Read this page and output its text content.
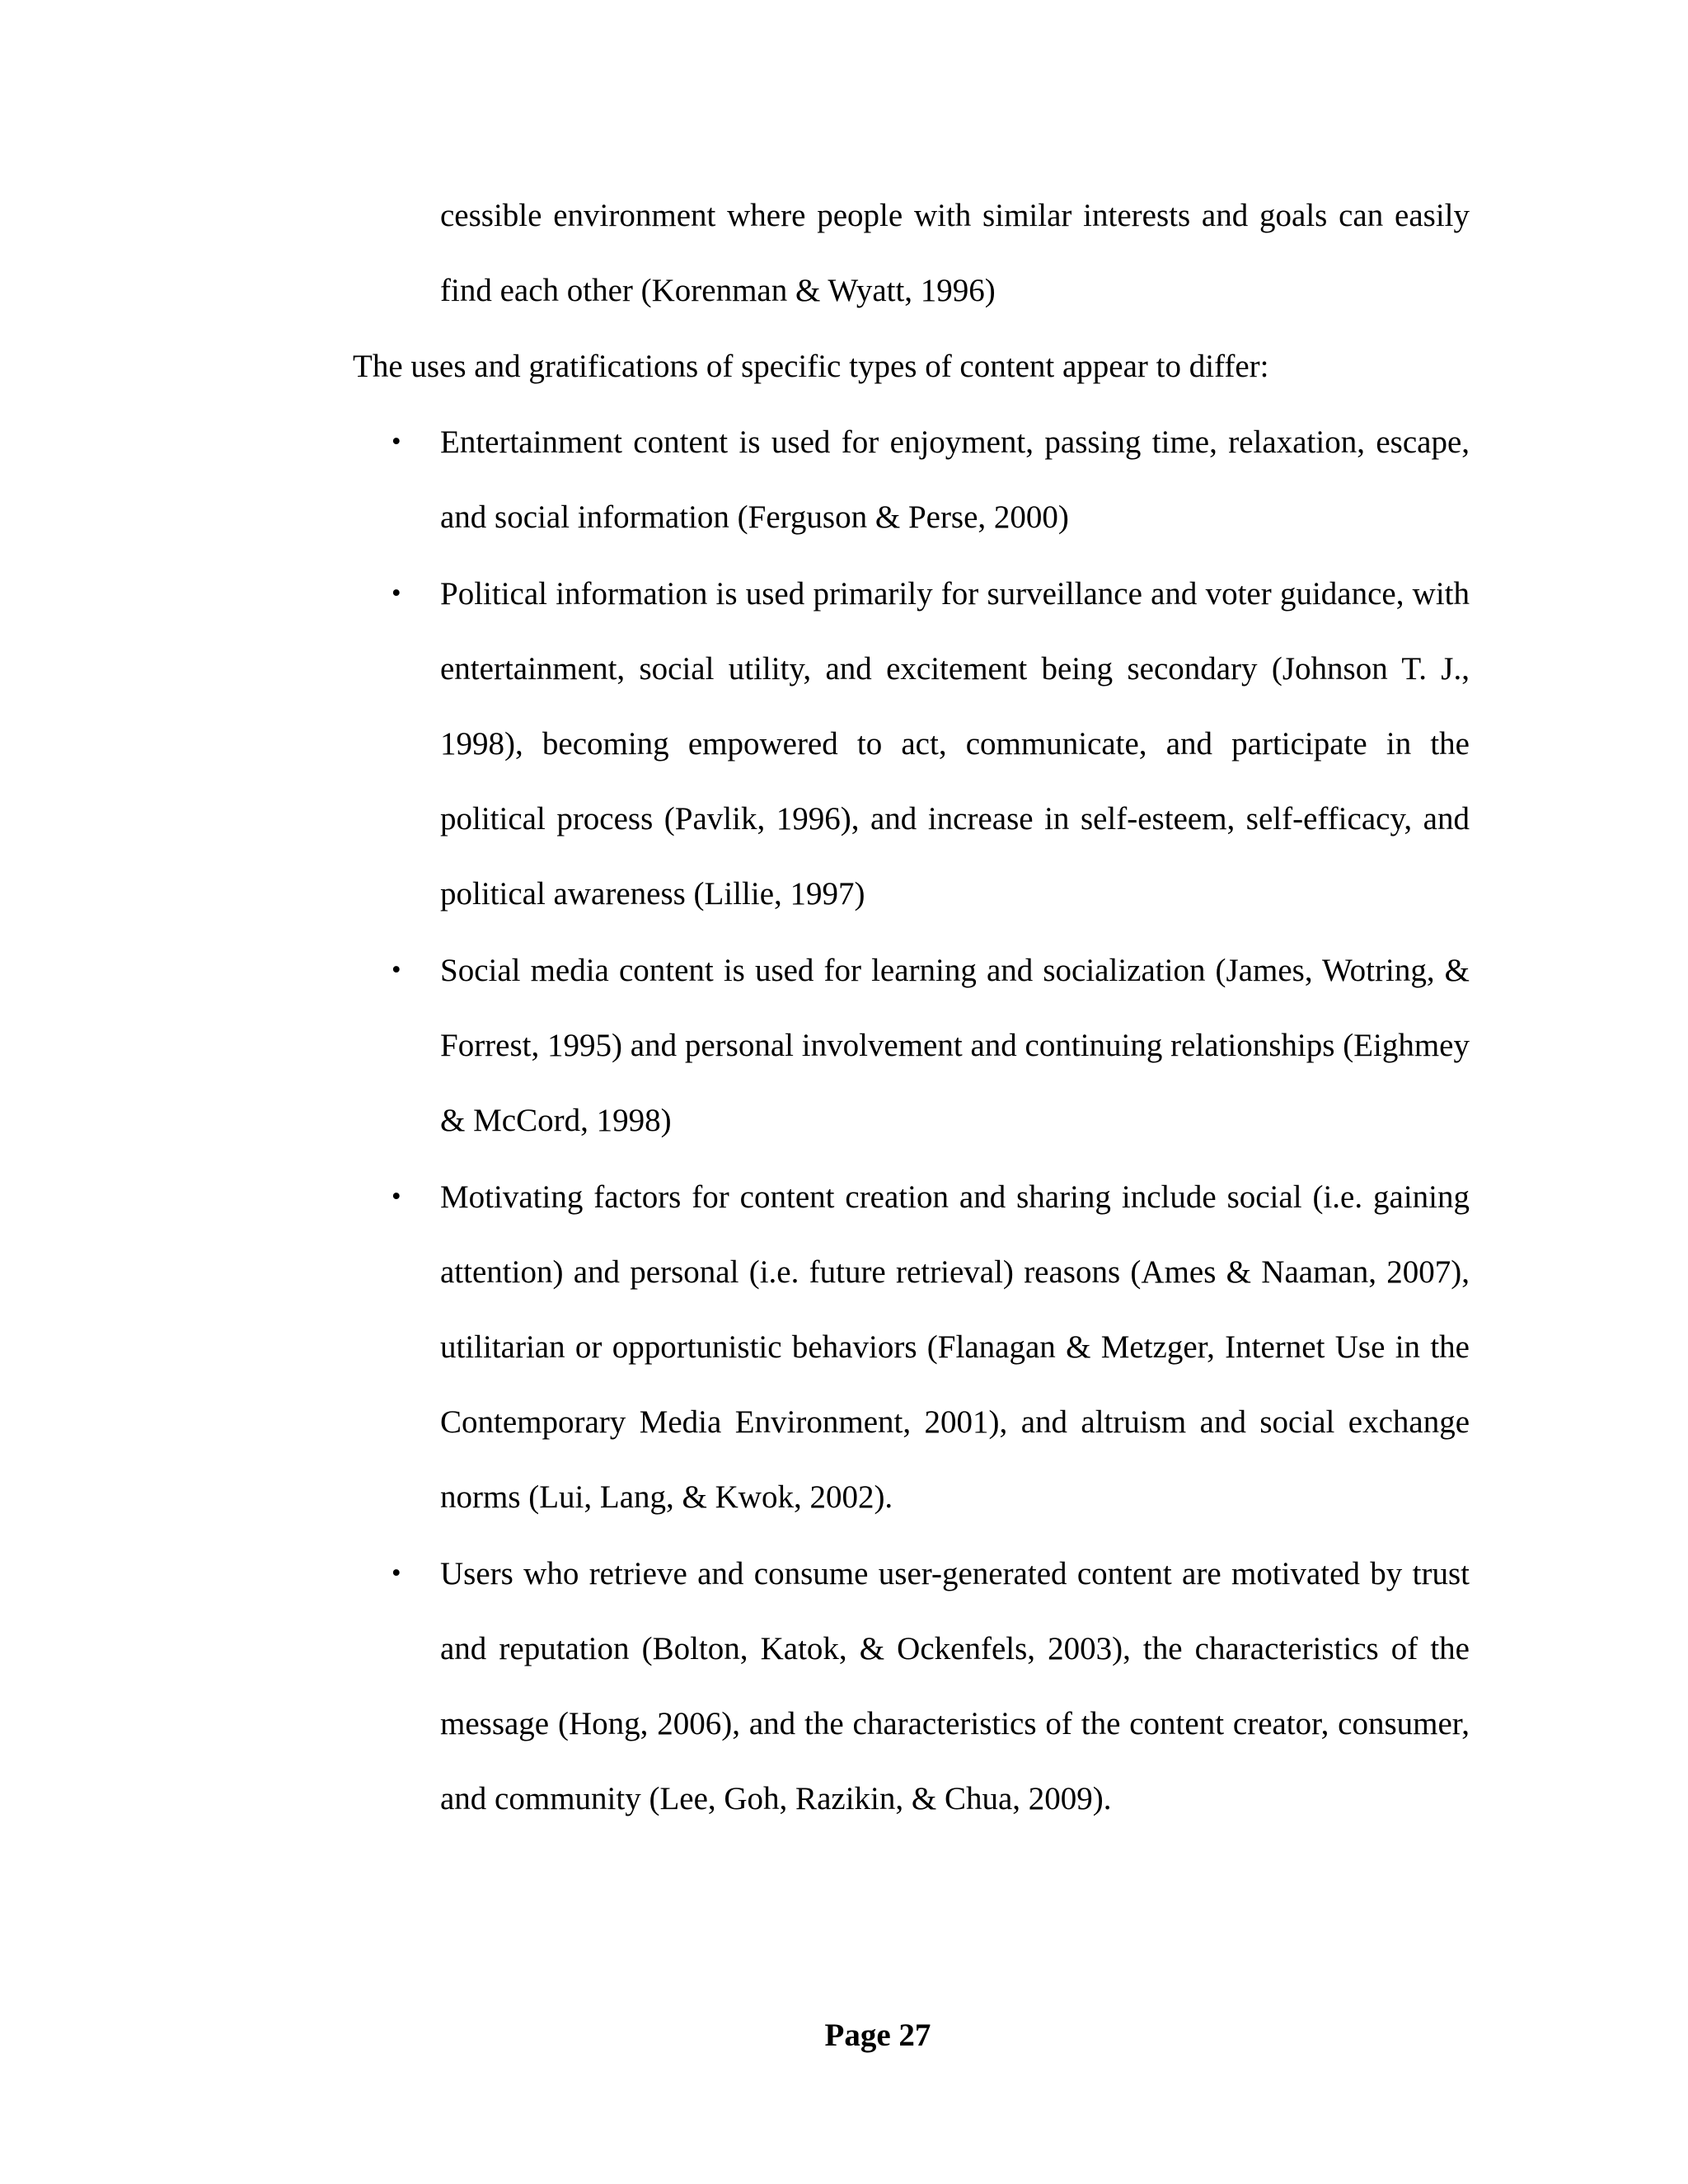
cessible environment where people with similar interests and goals can easily find each other (Korenman & Wyatt, 1996)

The uses and gratifications of specific types of content appear to differ:

• Entertainment content is used for enjoyment, passing time, relaxation, escape, and social information (Ferguson & Perse, 2000)
• Political information is used primarily for surveillance and voter guidance, with entertainment, social utility, and excitement being secondary (Johnson T. J., 1998), becoming empowered to act, communicate, and participate in the political process (Pavlik, 1996), and increase in self-esteem, self-efficacy, and political awareness (Lillie, 1997)
• Social media content is used for learning and socialization (James, Wotring, & Forrest, 1995) and personal involvement and continuing relationships (Eighmey & McCord, 1998)
• Motivating factors for content creation and sharing include social (i.e. gaining attention) and personal (i.e. future retrieval) reasons (Ames & Naaman, 2007), utilitarian or opportunistic behaviors (Flanagan & Metzger, Internet Use in the Contemporary Media Environment, 2001), and altruism and social exchange norms (Lui, Lang, & Kwok, 2002).
• Users who retrieve and consume user-generated content are motivated by trust and reputation (Bolton, Katok, & Ockenfels, 2003), the characteristics of the message (Hong, 2006), and the characteristics of the content creator, consumer, and community (Lee, Goh, Razikin, & Chua, 2009).
Page 27
